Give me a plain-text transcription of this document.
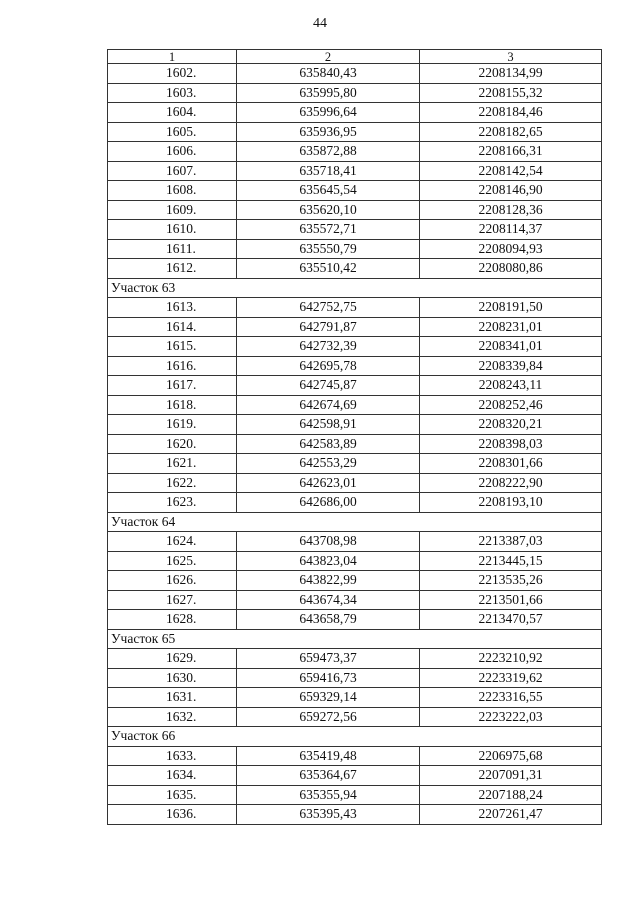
44
1	2	3
1602.	635840,43	2208134,99
1603.	635995,80	2208155,32
1604.	635996,64	2208184,46
1605.	635936,95	2208182,65
1606.	635872,88	2208166,31
1607.	635718,41	2208142,54
1608.	635645,54	2208146,90
1609.	635620,10	2208128,36
1610.	635572,71	2208114,37
1611.	635550,79	2208094,93
1612.	635510,42	2208080,86
Участок 63		
1613.	642752,75	2208191,50
1614.	642791,87	2208231,01
1615.	642732,39	2208341,01
1616.	642695,78	2208339,84
1617.	642745,87	2208243,11
1618.	642674,69	2208252,46
1619.	642598,91	2208320,21
1620.	642583,89	2208398,03
1621.	642553,29	2208301,66
1622.	642623,01	2208222,90
1623.	642686,00	2208193,10
Участок 64		
1624.	643708,98	2213387,03
1625.	643823,04	2213445,15
1626.	643822,99	2213535,26
1627.	643674,34	2213501,66
1628.	643658,79	2213470,57
Участок 65		
1629.	659473,37	2223210,92
1630.	659416,73	2223319,62
1631.	659329,14	2223316,55
1632.	659272,56	2223222,03
Участок 66		
1633.	635419,48	2206975,68
1634.	635364,67	2207091,31
1635.	635355,94	2207188,24
1636.	635395,43	2207261,47
